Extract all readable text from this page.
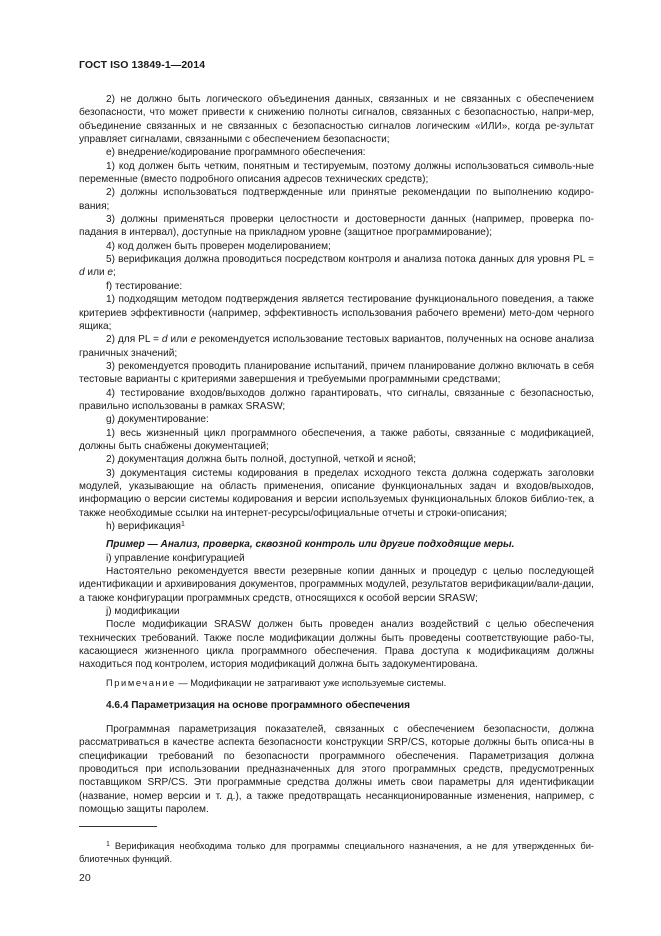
ГОСТ ISO 13849-1—2014

2) не должно быть логического объединения данных, связанных и не связанных с обеспечением безопасности, что может привести к снижению полноты сигналов, связанных с безопасностью, напри-мер, объединение связанных и не связанных с безопасностью сигналов логическим «ИЛИ», когда ре-зультат управляет сигналами, связанными с обеспечением безопасности;

е) внедрение/кодирование программного обеспечения:

1) код должен быть четким, понятным и тестируемым, поэтому должны использоваться символь-ные переменные (вместо подробного описания адресов технических средств);

2) должны использоваться подтвержденные или принятые рекомендации по выполнению кодиро-вания;

3) должны применяться проверки целостности и достоверности данных (например, проверка по-падания в интервал), доступные на прикладном уровне (защитное программирование);

4) код должен быть проверен моделированием;

5) верификация должна проводиться посредством контроля и анализа потока данных для уровня PL = d или e;

f) тестирование:

1) подходящим методом подтверждения является тестирование функционального поведения, а также критериев эффективности (например, эффективность использования рабочего времени) мето-дом черного ящика;

2) для PL = d или e рекомендуется использование тестовых вариантов, полученных на основе анализа граничных значений;

3) рекомендуется проводить планирование испытаний, причем планирование должно включать в себя тестовые варианты с критериями завершения и требуемыми программными средствами;

4) тестирование входов/выходов должно гарантировать, что сигналы, связанные с безопасностью, правильно использованы в рамках SRASW;

g) документирование:

1) весь жизненный цикл программного обеспечения, а также работы, связанные с модификацией, должны быть снабжены документацией;

2) документация должна быть полной, доступной, четкой и ясной;

3) документация системы кодирования в пределах исходного текста должна содержать заголовки модулей, указывающие на область применения, описание функциональных задач и входов/выходов, информацию о версии системы кодирования и версии используемых функциональных блоков библио-тек, а также необходимые ссылки на интернет-ресурсы/официальные отчеты и строки-описания;

h) верификация$^1$

Пример — Анализ, проверка, сквозной контроль или другие подходящие меры.

i) управление конфигурацией

Настоятельно рекомендуется ввести резервные копии данных и процедур с целью последующей идентификации и архивирования документов, программных модулей, результатов верификации/вали-дации, а также конфигурации программных средств, относящихся к особой версии SRASW;

j) модификации

После модификации SRASW должен быть проведен анализ воздействий с целью обеспечения технических требований. Также после модификации должны быть проведены соответствующие рабо-ты, касающиеся жизненного цикла программного обеспечения. Права доступа к модификациям должны находиться под контролем, история модификаций должна быть задокументирована.

Примечание — Модификации не затрагивают уже используемые системы.

4.6.4 Параметризация на основе программного обеспечения

Программная параметризация показателей, связанных с обеспечением безопасности, должна рассматриваться в качестве аспекта безопасности конструкции SRP/CS, которые должны быть описа-ны в спецификации требований по безопасности программного обеспечения. Параметризация должна проводиться при использовании предназначенных для этого программных средств, предусмотренных поставщиком SRP/CS. Эти программные средства должны иметь свои параметры для идентификации (название, номер версии и т. д.), а также предотвращать несанкционированные изменения, например, с помощью защиты паролем.

$^1$ Верификация необходима только для программы специального назначения, а не для утвержденных би-блиотечных функций.

20
